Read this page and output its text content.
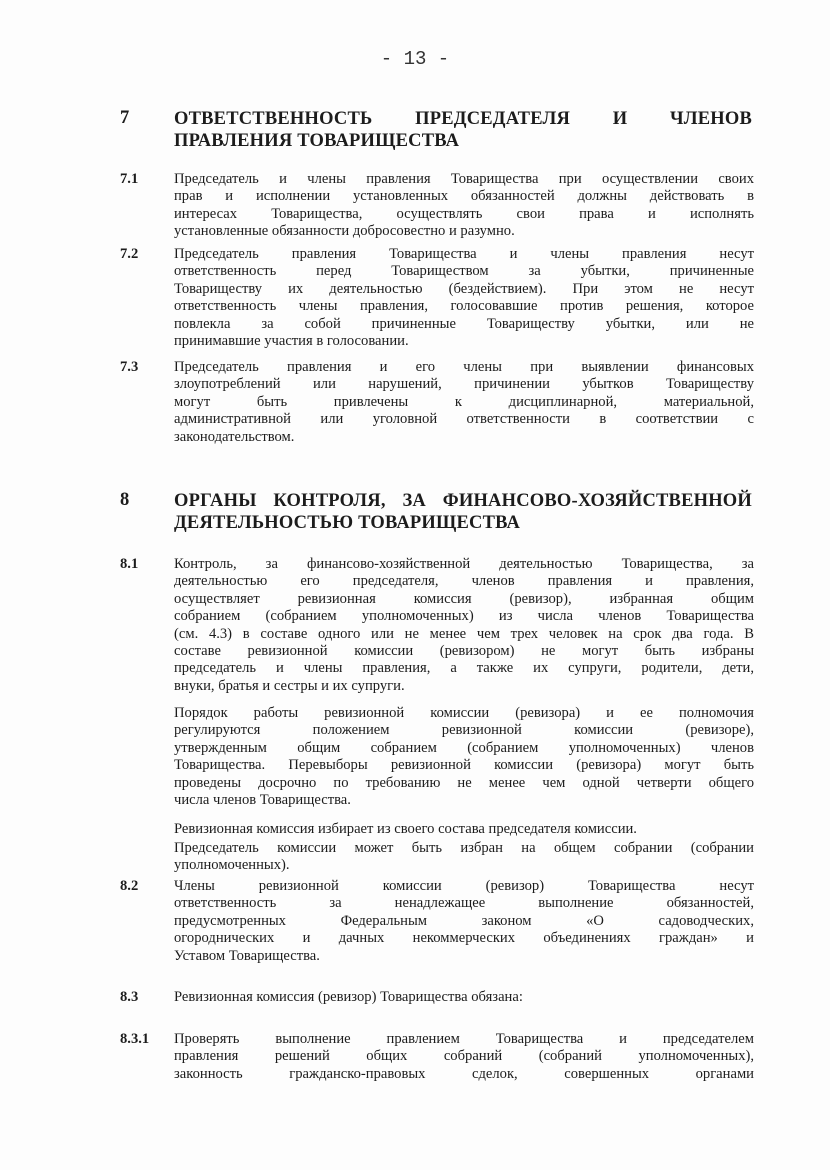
- 13 -
7	ОТВЕТСТВЕННОСТЬ ПРЕДСЕДАТЕЛЯ И ЧЛЕНОВ
ПРАВЛЕНИЯ ТОВАРИЩЕСТВА
7.1 Председатель и члены правления Товарищества при осуществлении своих
прав и исполнении установленных обязанностей должны действовать в
интересах Товарищества, осуществлять свои права и исполнять
установленные обязанности добросовестно и разумно.
7.2 Председатель правления Товарищества и члены правления несут
ответственность перед Товариществом за убытки, причиненные
Товариществу их деятельностью (бездействием). При этом не несут
ответственность члены правления, голосовавшие против решения, которое
повлекла за собой причиненные Товариществу убытки, или не
принимавшие участия в голосовании.
7.3 Председатель правления и его члены при выявлении финансовых
злоупотреблений или нарушений, причинении убытков Товариществу
могут быть привлечены к дисциплинарной, материальной,
административной или уголовной ответственности в соответствии с
законодательством.
8	ОРГАНЫ КОНТРОЛЯ, ЗА ФИНАНСОВО-ХОЗЯЙСТВЕННОЙ
ДЕЯТЕЛЬНОСТЬЮ ТОВАРИЩЕСТВА
8.1 Контроль, за финансово-хозяйственной деятельностью Товарищества, за
деятельностью его председателя, членов правления и правления,
осуществляет ревизионная комиссия (ревизор), избранная общим
собранием (собранием уполномоченных) из числа членов Товарищества
(см. 4.3) в составе одного или не менее чем трех человек на срок два года. В
составе ревизионной комиссии (ревизором) не могут быть избраны
председатель и члены правления, а также их супруги, родители, дети,
внуки, братья и сестры и их супруги.
Порядок работы ревизионной комиссии (ревизора) и ее полномочия
регулируются положением ревизионной комиссии (ревизоре),
утвержденным общим собранием (собранием уполномоченных) членов
Товарищества. Перевыборы ревизионной комиссии (ревизора) могут быть
проведены досрочно по требованию не менее чем одной четверти общего
числа членов Товарищества.
Ревизионная комиссия избирает из своего состава председателя комиссии.
Председатель комиссии может быть избран на общем собрании (собрании
уполномоченных).
8.2 Члены ревизионной комиссии (ревизор) Товарищества несут
ответственность за ненадлежащее выполнение обязанностей,
предусмотренных Федеральным законом «О садоводческих,
огороднических и дачных некоммерческих объединениях граждан» и
Уставом Товарищества.
8.3 Ревизионная комиссия (ревизор) Товарищества обязана:
8.3.1 Проверять выполнение правлением Товарищества и председателем
правления решений общих собраний (собраний уполномоченных),
законность гражданско-правовых сделок, совершенных органами
